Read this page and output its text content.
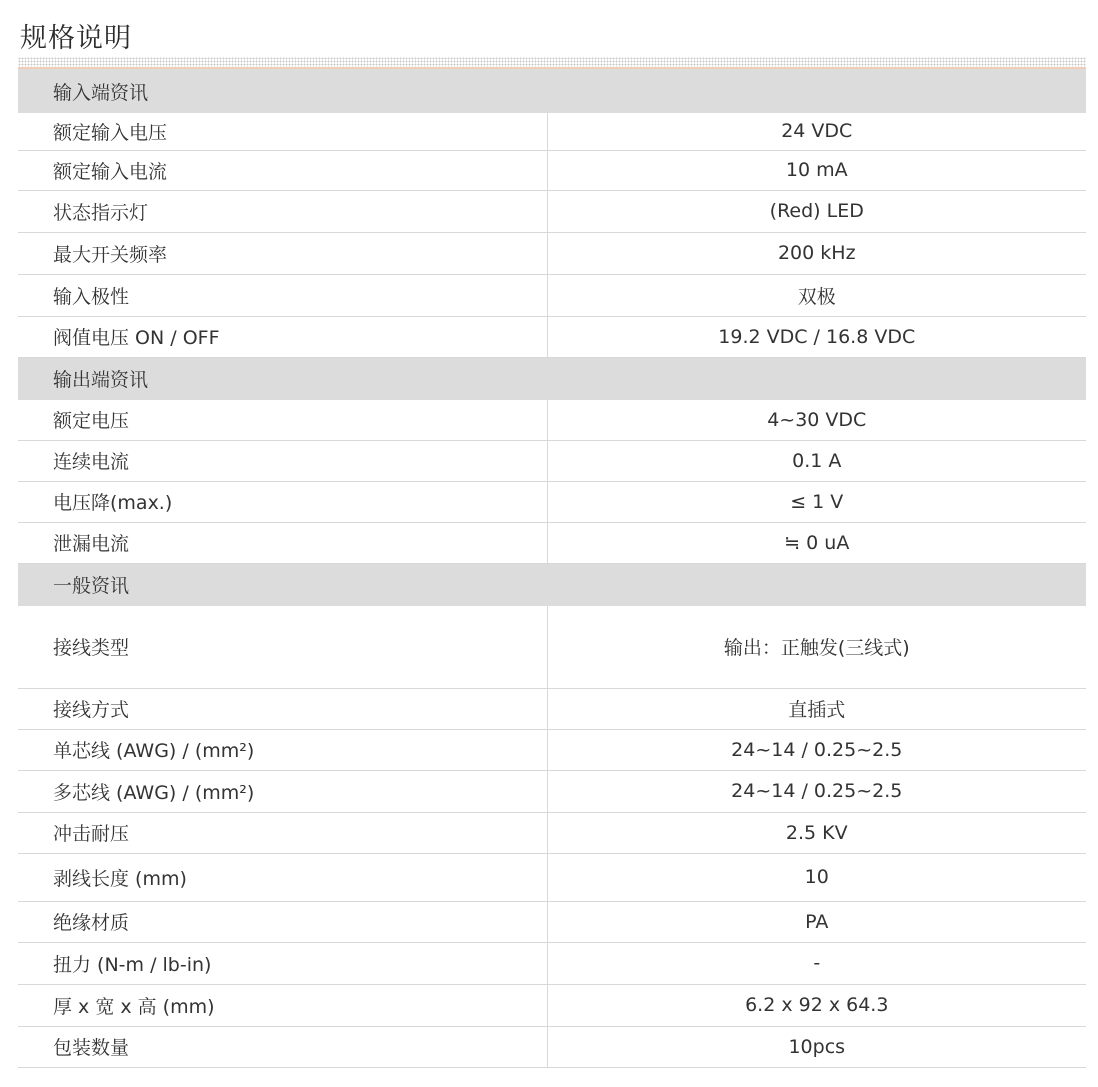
规格说明
输入端资讯	
额定输入电压	24 VDC
额定输入电流	10 mA
状态指示灯	(Red) LED
最大开关频率	200 kHz
输入极性	双极
阀值电压 ON / OFF	19.2 VDC / 16.8 VDC
输出端资讯	
额定电压	4~30 VDC
连续电流	0.1 A
电压降(max.)	≤ 1 V
泄漏电流	≒ 0 uA
一般资讯	
接线类型	输出：正触发(三线式)
接线方式	直插式
单芯线 (AWG) / (mm²)	24~14 / 0.25~2.5
多芯线 (AWG) / (mm²)	24~14 / 0.25~2.5
冲击耐压	2.5 KV
剥线长度 (mm)	10
绝缘材质	PA
扭力 (N-m / lb-in)	-
厚 x 宽 x 高 (mm)	6.2 x 92 x 64.3
包装数量	10pcs
